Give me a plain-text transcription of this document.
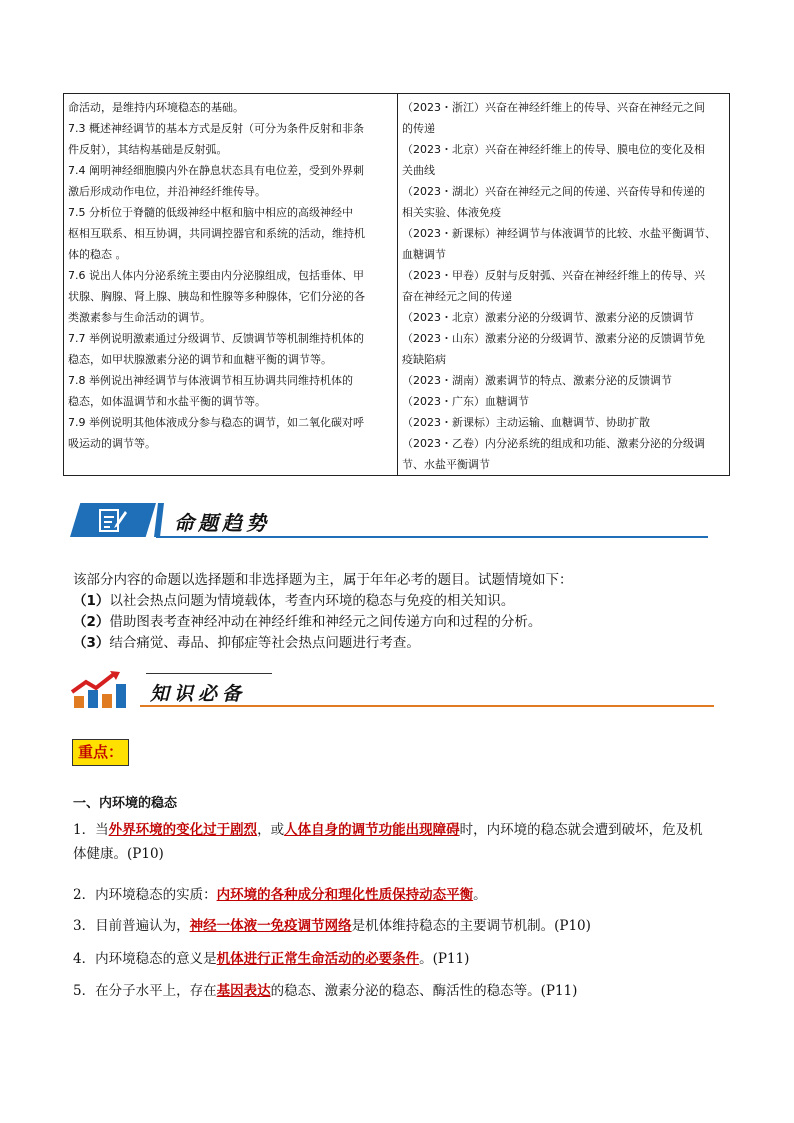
命活动，是维持内环境稳态的基础。

7.3 概述神经调节的基本方式是反射（可分为条件反射和非条

件反射），其结构基础是反射弧。

7.4 阐明神经细胞膜内外在静息状态具有电位差，受到外界刺

激后形成动作电位，并沿神经纤维传导。

7.5 分析位于脊髓的低级神经中枢和脑中相应的高级神经中

枢相互联系、相互协调，共同调控器官和系统的活动，维持机

体的稳态 。

7.6 说出人体内分泌系统主要由内分泌腺组成，包括垂体、甲

状腺、胸腺、肾上腺、胰岛和性腺等多种腺体，它们分泌的各

类激素参与生命活动的调节。

7.7 举例说明激素通过分级调节、反馈调节等机制维持机体的

稳态，如甲状腺激素分泌的调节和血糖平衡的调节等。

7.8 举例说出神经调节与体液调节相互协调共同维持机体的

稳态，如体温调节和水盐平衡的调节等。

7.9 举例说明其他体液成分参与稳态的调节，如二氧化碳对呼

吸运动的调节等。

（2023・浙江）兴奋在神经纤维上的传导、兴奋在神经元之间

的传递

（2023・北京）兴奋在神经纤维上的传导、膜电位的变化及相

关曲线

（2023・湖北）兴奋在神经元之间的传递、兴奋传导和传递的

相关实验、体液免疫

（2023・新课标）神经调节与体液调节的比较、水盐平衡调节、

血糖调节

（2023・甲卷）反射与反射弧、兴奋在神经纤维上的传导、兴

奋在神经元之间的传递

（2023・北京）激素分泌的分级调节、激素分泌的反馈调节

（2023・山东）激素分泌的分级调节、激素分泌的反馈调节免

疫缺陷病

（2023・湖南）激素调节的特点、激素分泌的反馈调节

（2023・广东）血糖调节

（2023・新课标）主动运输、血糖调节、协助扩散

（2023・乙卷）内分泌系统的组成和功能、激素分泌的分级调

节、水盐平衡调节

命题趋势

该部分内容的命题以选择题和非选择题为主，属于年年必考的题目。试题情境如下：

（1）以社会热点问题为情境载体，考查内环境的稳态与免疫的相关知识。

（2）借助图表考查神经冲动在神经纤维和神经元之间传递方向和过程的分析。

（3）结合痛觉、毒品、抑郁症等社会热点问题进行考查。

知识必备
重点：
一、内环境的稳态
1．当外界环境的变化过于剧烈，或人体自身的调节功能出现障碍时，内环境的稳态就会遭到破坏，危及机
体健康。(P10)
2．内环境稳态的实质：内环境的各种成分和理化性质保持动态平衡。
3．目前普遍认为，神经一体液一免疫调节网络是机体维持稳态的主要调节机制。(P10)
4．内环境稳态的意义是机体进行正常生命活动的必要条件。(P11)
5．在分子水平上，存在基因表达的稳态、激素分泌的稳态、酶活性的稳态等。(P11)
